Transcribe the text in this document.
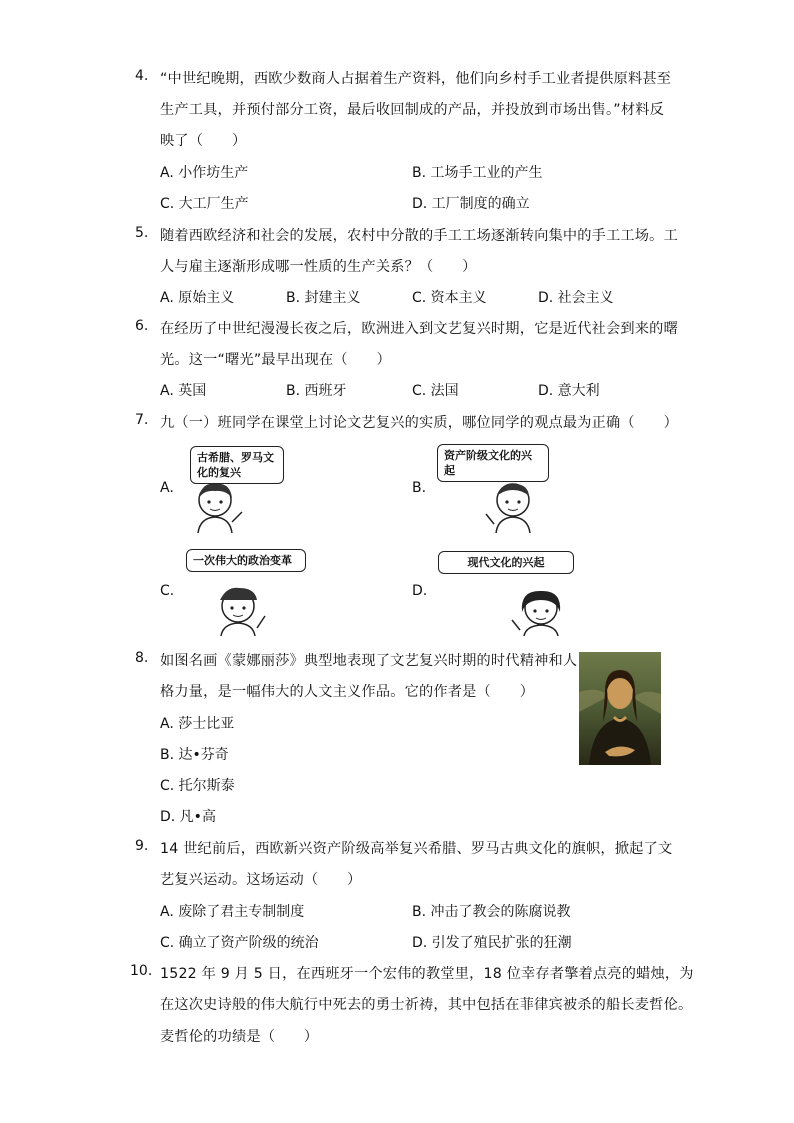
4. “中世纪晚期，西欧少数商人占据着生产资料，他们向乡村手工业者提供原料甚至
生产工具，并预付部分工资，最后收回制成的产品，并投放到市场出售。”材料反
映了（　　）
A. 小作坊生产	B. 工场手工业的产生
C. 大工厂生产	D. 工厂制度的确立
5. 随着西欧经济和社会的发展，农村中分散的手工工场逐渐转向集中的手工工场。工
人与雇主逐渐形成哪一性质的生产关系？（　　）
A. 原始主义	B. 封建主义	C. 资本主义	D. 社会主义
6. 在经历了中世纪漫漫长夜之后，欧洲进入到文艺复兴时期，它是近代社会到来的曙
光。这一“曙光”最早出现在（　　）
A. 英国	B. 西班牙	C. 法国	D. 意大利
7. 九（一）班同学在课堂上讨论文艺复兴的实质，哪位同学的观点最为正确（　　）
A.
古希腊、罗马文化的复兴
B.
资产阶级文化的兴起
C.
一次伟大的政治变革
D.
现代文化的兴起
8. 如图名画《蒙娜丽莎》典型地表现了文艺复兴时期的时代精神和人
格力量，是一幅伟大的人文主义作品。它的作者是（　　）
A. 莎士比亚
B. 达•芬奇
C. 托尔斯泰
D. 凡•高
9. 14 世纪前后，西欧新兴资产阶级高举复兴希腊、罗马古典文化的旗帜，掀起了文
艺复兴运动。这场运动（　　）
A. 废除了君主专制制度	B. 冲击了教会的陈腐说教
C. 确立了资产阶级的统治	D. 引发了殖民扩张的狂潮
10. 1522 年 9 月 5 日，在西班牙一个宏伟的教堂里，18 位幸存者擎着点亮的蜡烛，为
在这次史诗般的伟大航行中死去的勇士祈祷，其中包括在菲律宾被杀的船长麦哲伦。
麦哲伦的功绩是（　　）
